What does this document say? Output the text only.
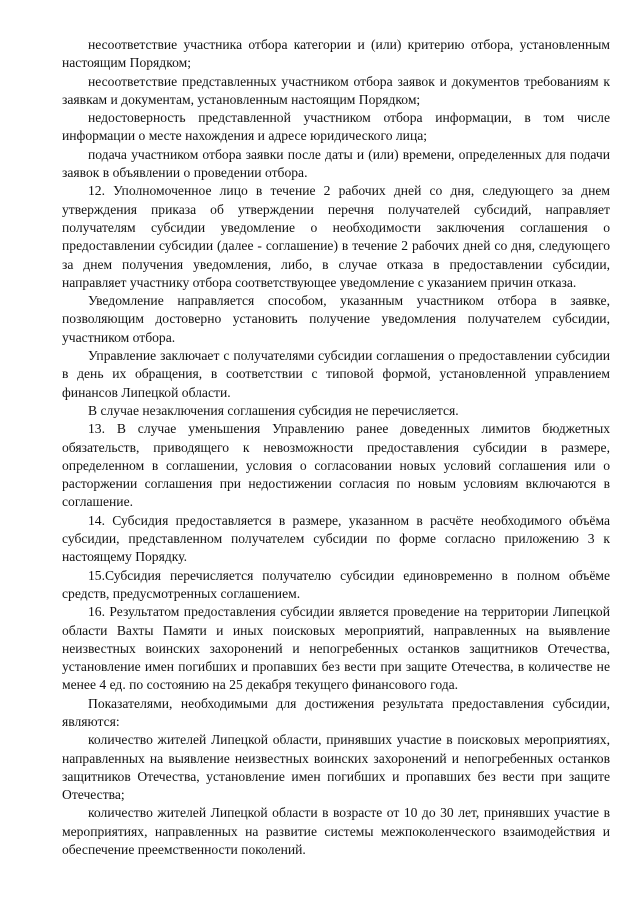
несоответствие участника отбора категории и (или) критерию отбора, установленным настоящим Порядком;

несоответствие представленных участником отбора заявок и документов требованиям к заявкам и документам, установленным настоящим Порядком;

недостоверность представленной участником отбора информации, в том числе информации о месте нахождения и адресе юридического лица;

подача участником отбора заявки после даты и (или) времени, определенных для подачи заявок в объявлении о проведении отбора.

12. Уполномоченное лицо в течение 2 рабочих дней со дня, следующего за днем утверждения приказа об утверждении перечня получателей субсидий, направляет получателям субсидии уведомление о необходимости заключения соглашения о предоставлении субсидии (далее - соглашение) в течение 2 рабочих дней со дня, следующего за днем получения уведомления, либо, в случае отказа в предоставлении субсидии, направляет участнику отбора соответствующее уведомление с указанием причин отказа.

Уведомление направляется способом, указанным участником отбора в заявке, позволяющим достоверно установить получение уведомления получателем субсидии, участником отбора.

Управление заключает с получателями субсидии соглашения о предоставлении субсидии в день их обращения, в соответствии с типовой формой, установленной управлением финансов Липецкой области.

В случае незаключения соглашения субсидия не перечисляется.

13. В случае уменьшения Управлению ранее доведенных лимитов бюджетных обязательств, приводящего к невозможности предоставления субсидии в размере, определенном в соглашении, условия о согласовании новых условий соглашения или о расторжении соглашения при недостижении согласия по новым условиям включаются в соглашение.

14. Субсидия предоставляется в размере, указанном в расчёте необходимого объёма субсидии, представленном получателем субсидии по форме согласно приложению 3 к настоящему Порядку.

15.Субсидия перечисляется получателю субсидии единовременно в полном объёме средств, предусмотренных соглашением.

16. Результатом предоставления субсидии является проведение на территории Липецкой области Вахты Памяти и иных поисковых мероприятий, направленных на выявление неизвестных воинских захоронений и непогребенных останков защитников Отечества, установление имен погибших и пропавших без вести при защите Отечества, в количестве не менее 4 ед. по состоянию на 25 декабря текущего финансового года.

Показателями, необходимыми для достижения результата предоставления субсидии, являются:

количество жителей Липецкой области, принявших участие в поисковых мероприятиях, направленных на выявление неизвестных воинских захоронений и непогребенных останков защитников Отечества, установление имен погибших и пропавших без вести при защите Отечества;

количество жителей Липецкой области в возрасте от 10 до 30 лет, принявших участие в мероприятиях, направленных на развитие системы межпоколенческого взаимодействия и обеспечение преемственности поколений.
